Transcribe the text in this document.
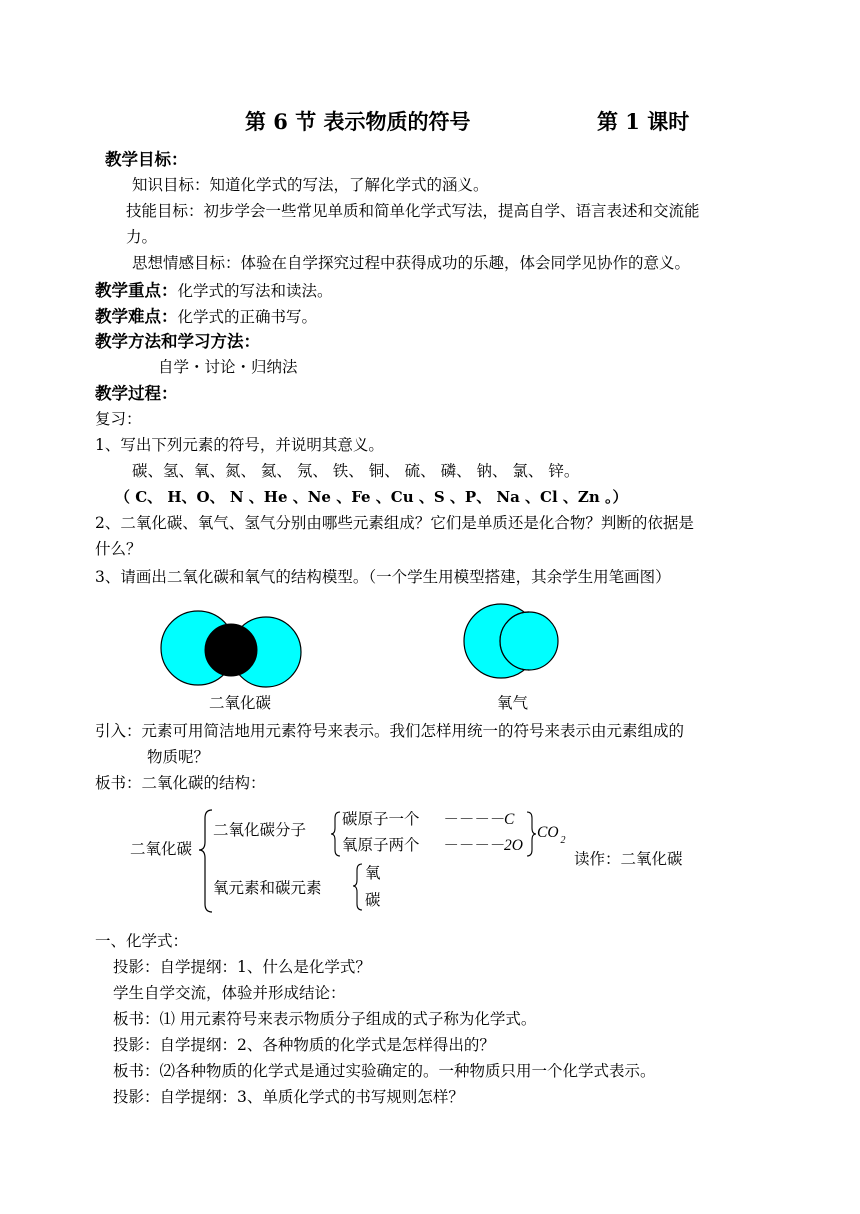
第 6 节 表示物质的符号	第 1 课时
教学目标：
知识目标：知道化学式的写法，了解化学式的涵义。
技能目标：初步学会一些常见单质和简单化学式写法，提高自学、语言表述和交流能
力。
思想情感目标：体验在自学探究过程中获得成功的乐趣，体会同学见协作的意义。
教学重点：化学式的写法和读法。
教学难点：化学式的正确书写。
教学方法和学习方法：
自学・讨论・归纳法
教学过程：
复习：
1、写出下列元素的符号，并说明其意义。
碳、氢、氧、氮、 氦、 氖、 铁、 铜、 硫、 磷、 钠、 氯、 锌。
（ C、 H、O、 N 、He 、Ne 、Fe 、Cu 、S 、P、 Na 、Cl 、Zn 。）
2、二氧化碳、氧气、氢气分别由哪些元素组成？它们是单质还是化合物？判断的依据是
什么？
3、请画出二氧化碳和氧气的结构模型。（一个学生用模型搭建，其余学生用笔画图）
二氧化碳	氧气
引入：元素可用简洁地用元素符号来表示。我们怎样用统一的符号来表示由元素组成的
物质呢？
板书：二氧化碳的结构：
二氧化碳
二氧化碳分子
碳原子一个 －－－－C
氧原子两个 －－－－2O
CO $_2$
读作：二氧化碳
氧元素和碳元素
氧
碳
一、化学式：
投影：自学提纲：1、什么是化学式？
学生自学交流，体验并形成结论：
板书：⑴ 用元素符号来表示物质分子组成的式子称为化学式。
投影：自学提纲：2、各种物质的化学式是怎样得出的？
板书：⑵各种物质的化学式是通过实验确定的。一种物质只用一个化学式表示。
投影：自学提纲：3、单质化学式的书写规则怎样？
